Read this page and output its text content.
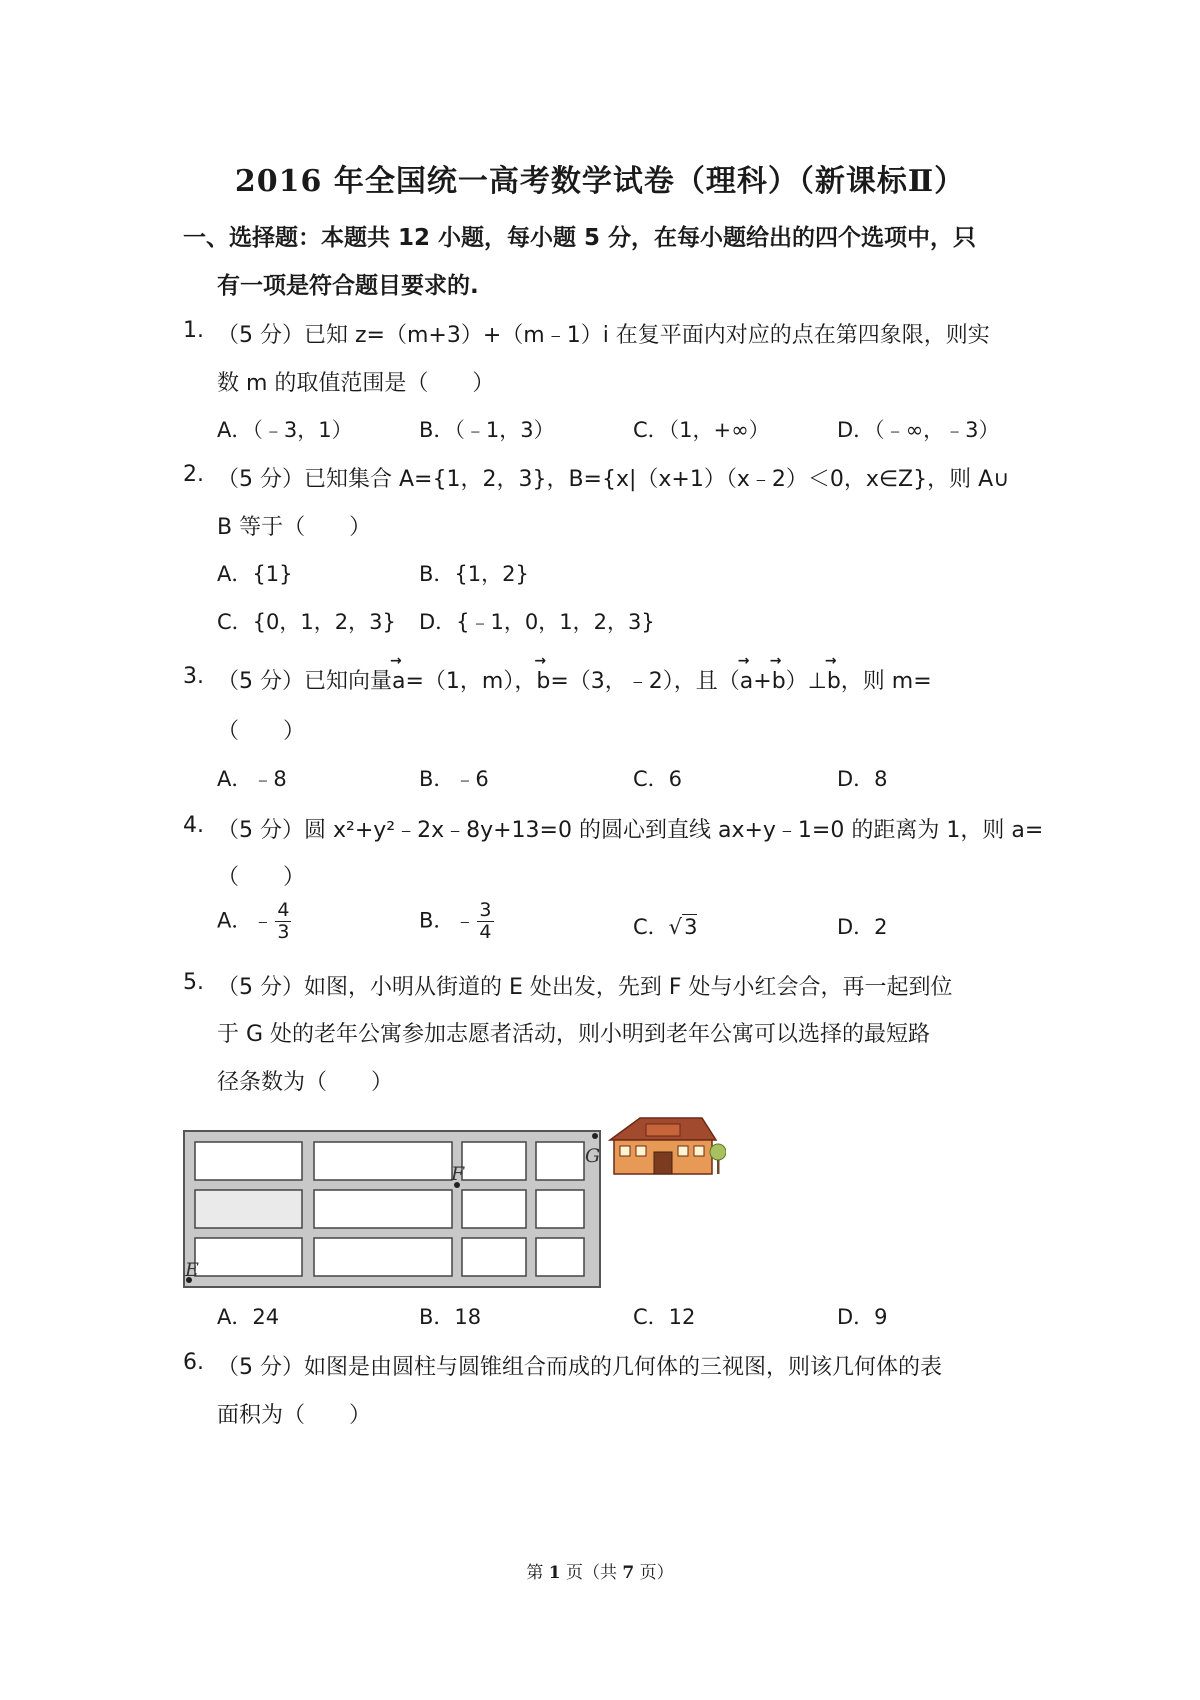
2016 年全国统一高考数学试卷（理科）（新课标Ⅱ）
一、选择题：本题共 12 小题，每小题 5 分，在每小题给出的四个选项中，只
有一项是符合题目要求的.
1. （5 分）已知 z=（m+3）+（m﹣1）i 在复平面内对应的点在第四象限，则实
数 m 的取值范围是（　　）
A．（﹣3，1）	B．（﹣1，3）	C．（1，+∞）	D．（﹣∞，﹣3）
2. （5 分）已知集合 A={1，2，3}，B={x|（x+1）（x﹣2）＜0，x∈Z}，则 A∪
B 等于（　　）
A．{1}	B．{1，2}
C．{0，1，2，3} D．{﹣1，0，1，2，3}
3. （5 分）已知向量→ a=（1，m），→ b=（3，﹣2），且（→ a+→ b）⊥→ b，则 m=
（　　）
A．﹣8	B．﹣6	C．6	D．8
4. （5 分）圆 x²+y²﹣2x﹣8y+13=0 的圆心到直线 ax+y﹣1=0 的距离为 1，则 a=
（　　）
A．﹣ $\frac{4}{3}$	B．﹣ $\frac{3}{4}$	C．√3	D．2
5. （5 分）如图，小明从街道的 E 处出发，先到 F 处与小红会合，再一起到位
于 G 处的老年公寓参加志愿者活动，则小明到老年公寓可以选择的最短路
径条数为（　　）
E
F
G
A．24	B．18	C．12	D．9
6. （5 分）如图是由圆柱与圆锥组合而成的几何体的三视图，则该几何体的表
面积为（　　）
第 1 页（共 7 页）
